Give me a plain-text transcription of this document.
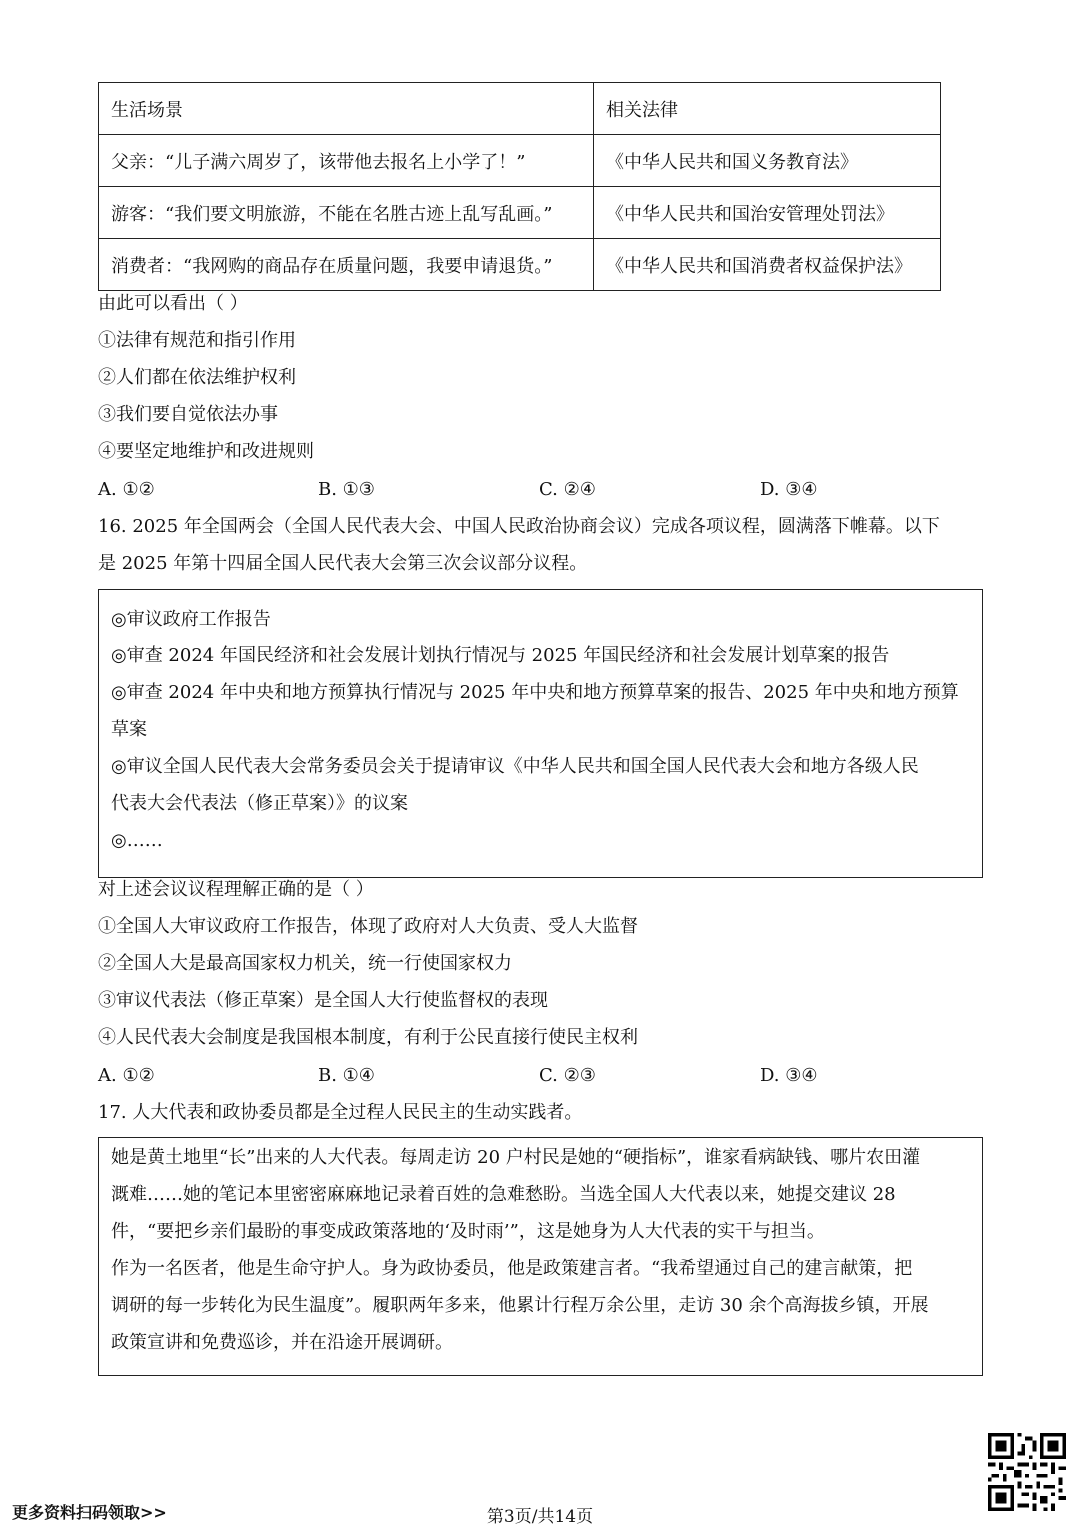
生活场景	相关法律
父亲：“儿子满六周岁了，该带他去报名上小学了！”	《中华人民共和国义务教育法》
游客：“我们要文明旅游，不能在名胜古迹上乱写乱画。”	《中华人民共和国治安管理处罚法》
消费者：“我网购的商品存在质量问题，我要申请退货。”	《中华人民共和国消费者权益保护法》
由此可以看出（ ）
①法律有规范和指引作用
②人们都在依法维护权利
③我们要自觉依法办事
④要坚定地维护和改进规则
A. ①②	B. ①③	C. ②④	D. ③④
16. 2025 年全国两会（全国人民代表大会、中国人民政治协商会议）完成各项议程，圆满落下帷幕。以下
是 2025 年第十四届全国人民代表大会第三次会议部分议程。
◎审议政府工作报告
◎审查 2024 年国民经济和社会发展计划执行情况与 2025 年国民经济和社会发展计划草案的报告
◎审查 2024 年中央和地方预算执行情况与 2025 年中央和地方预算草案的报告、2025 年中央和地方预算
草案
◎审议全国人民代表大会常务委员会关于提请审议《中华人民共和国全国人民代表大会和地方各级人民
代表大会代表法（修正草案）》的议案
◎……
对上述会议议程理解正确的是（ ）
①全国人大审议政府工作报告，体现了政府对人大负责、受人大监督
②全国人大是最高国家权力机关，统一行使国家权力
③审议代表法（修正草案）是全国人大行使监督权的表现
④人民代表大会制度是我国根本制度，有利于公民直接行使民主权利
A. ①②	B. ①④	C. ②③	D. ③④
17. 人大代表和政协委员都是全过程人民民主的生动实践者。
她是黄土地里“长”出来的人大代表。每周走访 20 户村民是她的“硬指标”，谁家看病缺钱、哪片农田灌
溉难……她的笔记本里密密麻麻地记录着百姓的急难愁盼。当选全国人大代表以来，她提交建议 28
件，“要把乡亲们最盼的事变成政策落地的‘及时雨’”，这是她身为人大代表的实干与担当。
作为一名医者，他是生命守护人。身为政协委员，他是政策建言者。“我希望通过自己的建言献策，把
调研的每一步转化为民生温度”。履职两年多来，他累计行程万余公里，走访 30 余个高海拔乡镇，开展
政策宣讲和免费巡诊，并在沿途开展调研。
更多资料扫码领取>>	第3页/共14页
